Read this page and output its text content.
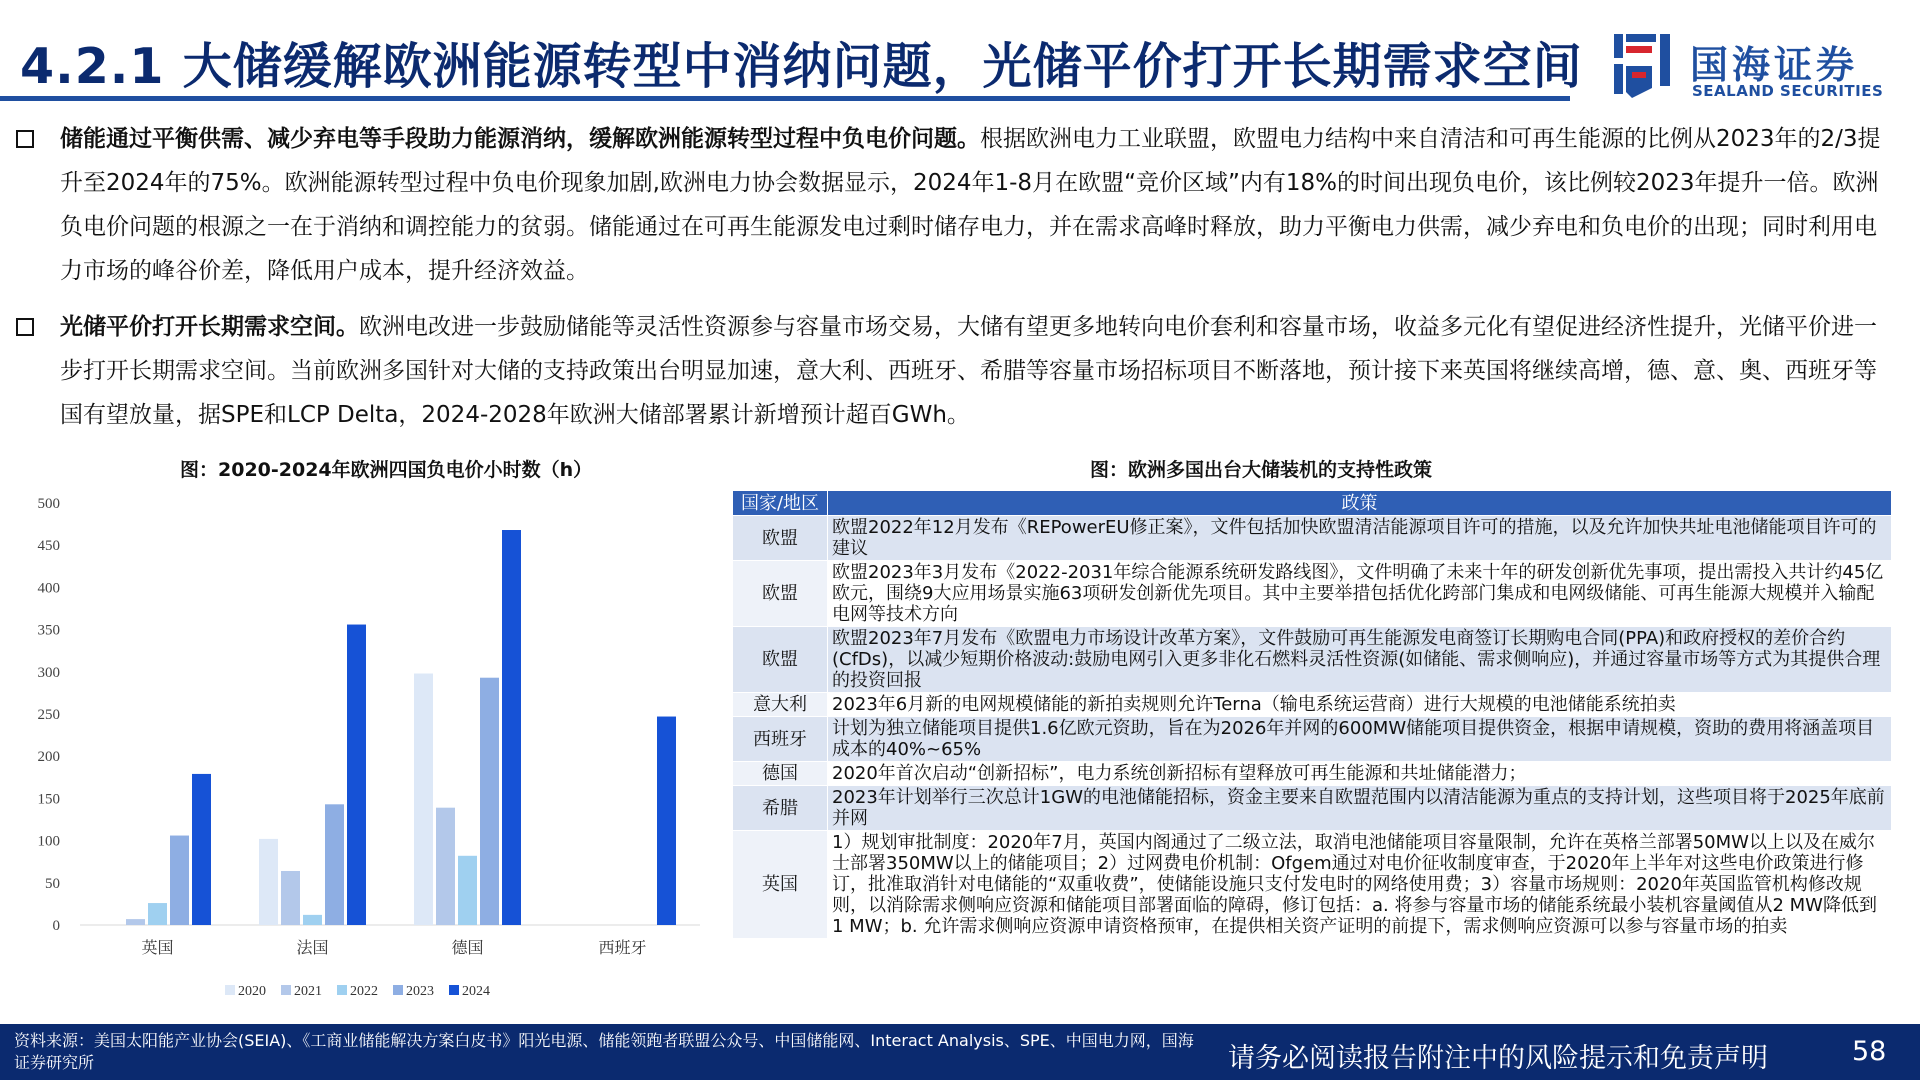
4.2.1 大储缓解欧洲能源转型中消纳问题，光储平价打开长期需求空间	国海证券
SEALAND SECURITIES
储能通过平衡供需、减少弃电等手段助力能源消纳，缓解欧洲能源转型过程中负电价问题。根据欧洲电力工业联盟，欧盟电力结构中来自清洁和可再生能源的比例从2023年的2/3提升至2024年的75%。欧洲能源转型过程中负电价现象加剧,欧洲电力协会数据显示，2024年1-8月在欧盟“竞价区域”内有18%的时间出现负电价，该比例较2023年提升一倍。欧洲负电价问题的根源之一在于消纳和调控能力的贫弱。储能通过在可再生能源发电过剩时储存电力，并在需求高峰时释放，助力平衡电力供需，减少弃电和负电价的出现；同时利用电力市场的峰谷价差，降低用户成本，提升经济效益。
光储平价打开长期需求空间。欧洲电改进一步鼓励储能等灵活性资源参与容量市场交易，大储有望更多地转向电价套利和容量市场，收益多元化有望促进经济性提升，光储平价进一步打开长期需求空间。当前欧洲多国针对大储的支持政策出台明显加速，意大利、西班牙、希腊等容量市场招标项目不断落地，预计接下来英国将继续高增，德、意、奥、西班牙等国有望放量，据SPE和LCP Delta，2024-2028年欧洲大储部署累计新增预计超百GWh。
图：2020-2024年欧洲四国负电价小时数（h）	图：欧洲多国出台大储装机的支持性政策
0
50
100
150
200
250
300
350
400
450
500
英国	法国	德国	西班牙
2020 2021 2022 2023 2024
国家/地区	政策
欧盟	欧盟2022年12月发布《REPowerEU修正案》，文件包括加快欧盟清洁能源项目许可的措施，以及允许加快共址电池储能项目许可的建议
欧盟	欧盟2023年3月发布《2022-2031年综合能源系统研发路线图》，文件明确了未来十年的研发创新优先事项，提出需投入共计约45亿欧元，围绕9大应用场景实施63项研发创新优先项目。其中主要举措包括优化跨部门集成和电网级储能、可再生能源大规模并入输配电网等技术方向
欧盟	欧盟2023年7月发布《欧盟电力市场设计改革方案》，文件鼓励可再生能源发电商签订长期购电合同(PPA)和政府授权的差价合约(CfDs)，以减少短期价格波动:鼓励电网引入更多非化石燃料灵活性资源(如储能、需求侧响应)，并通过容量市场等方式为其提供合理的投资回报
意大利	2023年6月新的电网规模储能的新拍卖规则允许Terna（输电系统运营商）进行大规模的电池储能系统拍卖
西班牙	计划为独立储能项目提供1.6亿欧元资助，旨在为2026年并网的600MW储能项目提供资金，根据申请规模，资助的费用将涵盖项目成本的40%~65%
德国	2020年首次启动“创新招标”，电力系统创新招标有望释放可再生能源和共址储能潜力；
希腊	2023年计划举行三次总计1GW的电池储能招标，资金主要来自欧盟范围内以清洁能源为重点的支持计划，这些项目将于2025年底前并网
英国	1）规划审批制度：2020年7月，英国内阁通过了二级立法，取消电池储能项目容量限制，允许在英格兰部署50MW以上以及在威尔士部署350MW以上的储能项目；2）过网费电价机制：Ofgem通过对电价征收制度审查，于2020年上半年对这些电价政策进行修订，批准取消针对电储能的“双重收费”，使储能设施只支付发电时的网络使用费；3）容量市场规则：2020年英国监管机构修改规则，以消除需求侧响应资源和储能项目部署面临的障碍，修订包括：a. 将参与容量市场的储能系统最小装机容量阈值从2 MW降低到1 MW；b. 允许需求侧响应资源申请资格预审，在提供相关资产证明的前提下，需求侧响应资源可以参与容量市场的拍卖
资料来源：美国太阳能产业协会(SEIA)、《工商业储能解决方案白皮书》阳光电源、储能领跑者联盟公众号、中国储能网、Interact Analysis、SPE、中国电力网，国海证券研究所	请务必阅读报告附注中的风险提示和免责声明	58
